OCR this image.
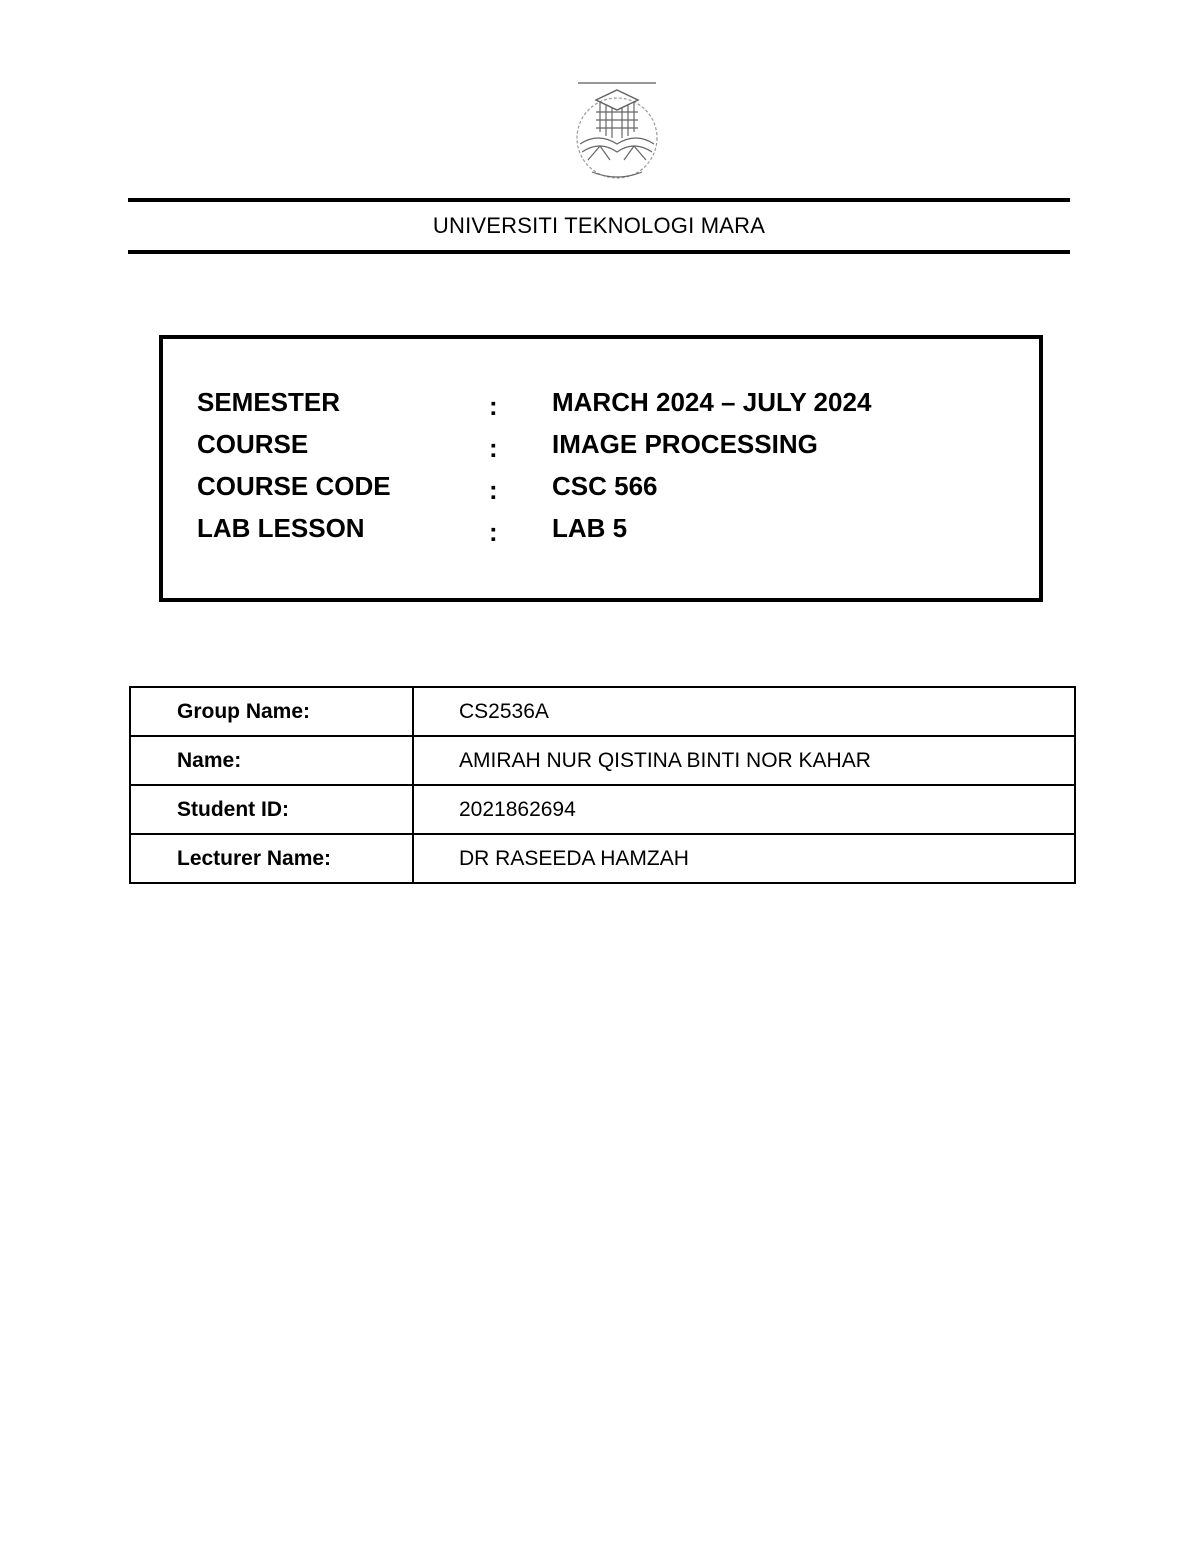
UNIVERSITI TEKNOLOGI MARA
SEMESTER	: MARCH 2024 – JULY 2024
COURSE	: IMAGE PROCESSING
COURSE CODE	: CSC 566
LAB LESSON	: LAB 5
Group Name:	CS2536A
Name:	AMIRAH NUR QISTINA BINTI NOR KAHAR
Student ID:	2021862694
Lecturer Name:	DR RASEEDA HAMZAH
